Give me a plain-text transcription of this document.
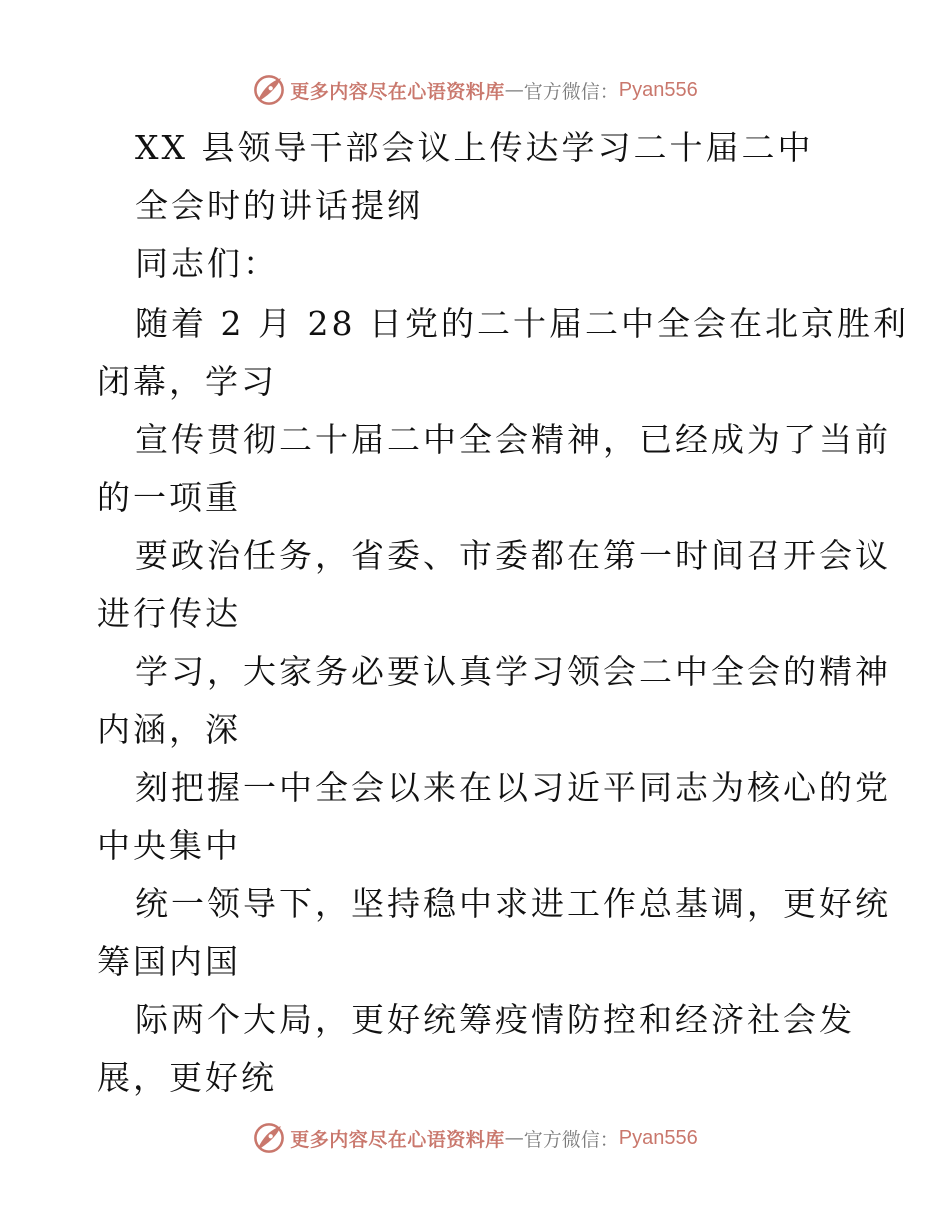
更多内容尽在心语资料库 — 官方微信： Pyan556
XX 县领导干部会议上传达学习二十届二中
全会时的讲话提纲
同志们：
随着 2 月 28 日党的二十届二中全会在北京胜利
闭幕，学习
宣传贯彻二十届二中全会精神，已经成为了当前
的一项重
要政治任务，省委、市委都在第一时间召开会议
进行传达
学习，大家务必要认真学习领会二中全会的精神
内涵，深
刻把握一中全会以来在以习近平同志为核心的党
中央集中
统一领导下，坚持稳中求进工作总基调，更好统
筹国内国
际两个大局，更好统筹疫情防控和经济社会发
展，更好统
更多内容尽在心语资料库 — 官方微信： Pyan556
